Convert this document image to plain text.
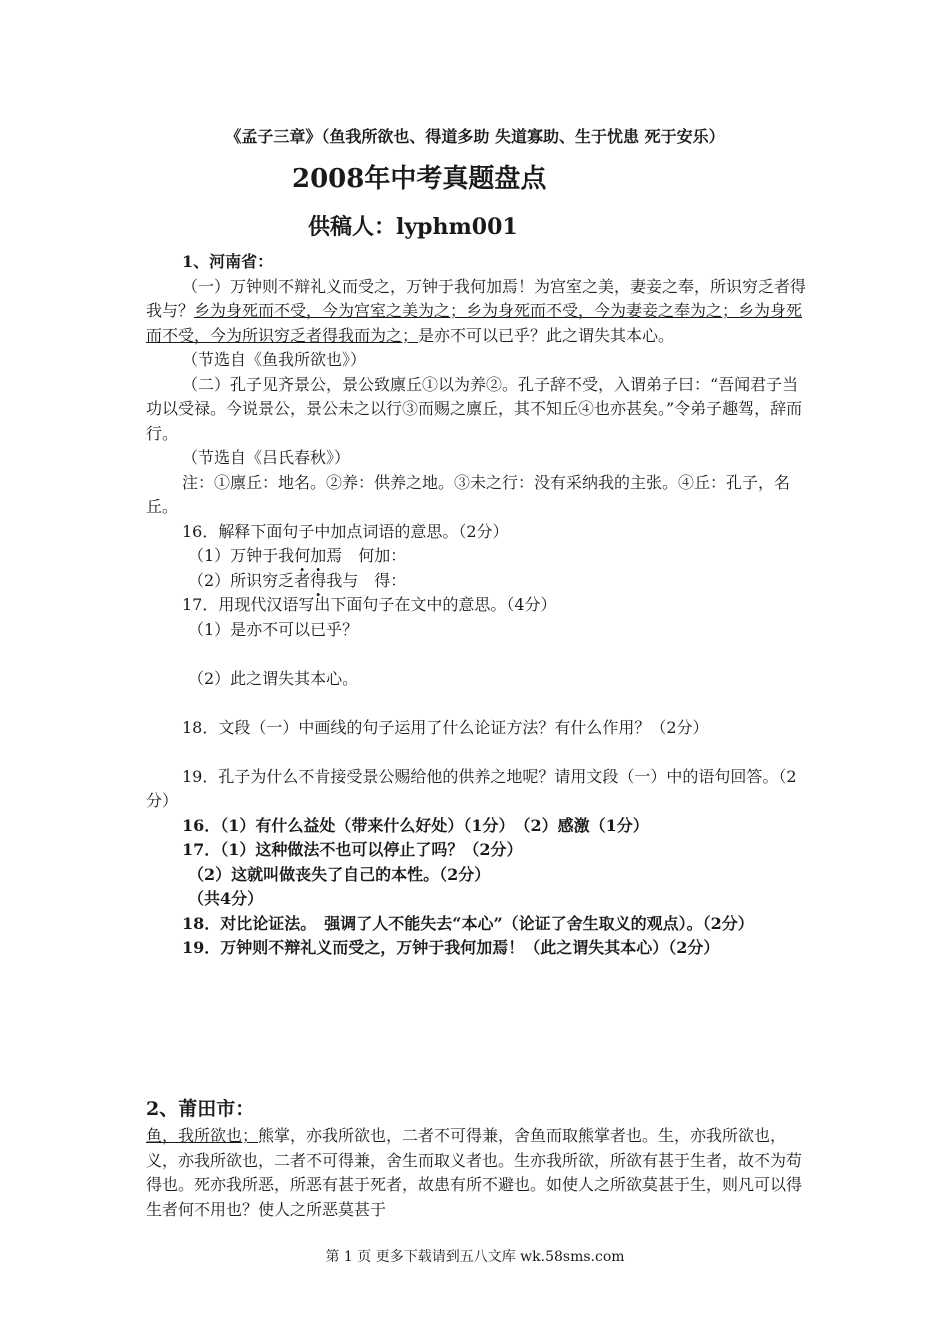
《孟子三章》（鱼我所欲也、得道多助 失道寡助、生于忧患 死于安乐）
2008年中考真题盘点
供稿人：lyphm001

1、河南省：

（一）万钟则不辩礼义而受之，万钟于我何加焉！为宫室之美，妻妾之奉，所识穷乏者得我与？乡为身死而不受，今为宫室之美为之；乡为身死而不受，今为妻妾之奉为之；乡为身死而不受，今为所识穷乏者得我而为之；是亦不可以已乎？此之谓失其本心。

（节选自《鱼我所欲也》）

（二）孔子见齐景公，景公致廪丘①以为养②。孔子辞不受，入谓弟子曰：“吾闻君子当功以受禄。今说景公，景公未之以行③而赐之廪丘，其不知丘④也亦甚矣。”令弟子趣驾，辞而行。

（节选自《吕氏春秋》）

注：①廪丘：地名。②养：供养之地。③未之行：没有采纳我的主张。④丘：孔子，名丘。

16．解释下面句子中加点词语的意思。（2分）

（1）万钟于我何加焉　何加：

（2）所识穷乏者得我与　得：

17．用现代汉语写出下面句子在文中的意思。（4分）

（1）是亦不可以已乎？

（2）此之谓失其本心。

18．文段（一）中画线的句子运用了什么论证方法？有什么作用？（2分）

19．孔子为什么不肯接受景公赐给他的供养之地呢？请用文段（一）中的语句回答。（2分）

16．（1）有什么益处（带来什么好处）（1分）　（2）感激（1分）

17．（1）这种做法不也可以停止了吗？（2分）

（2）这就叫做丧失了自己的本性。（2分）

（共4分）

18．对比论证法。　强调了人不能失去“本心”（论证了舍生取义的观点）。（2分）

19．万钟则不辩礼义而受之，万钟于我何加焉！（此之谓失其本心）（2分）

2、莆田市：

鱼，我所欲也；熊掌，亦我所欲也，二者不可得兼，舍鱼而取熊掌者也。生，亦我所欲也，义，亦我所欲也，二者不可得兼，舍生而取义者也。生亦我所欲，所欲有甚于生者，故不为苟得也。死亦我所恶，所恶有甚于死者，故患有所不避也。如使人之所欲莫甚于生，则凡可以得生者何不用也？使人之所恶莫甚于

第 1 页 更多下载请到五八文库 wk.58sms.com
